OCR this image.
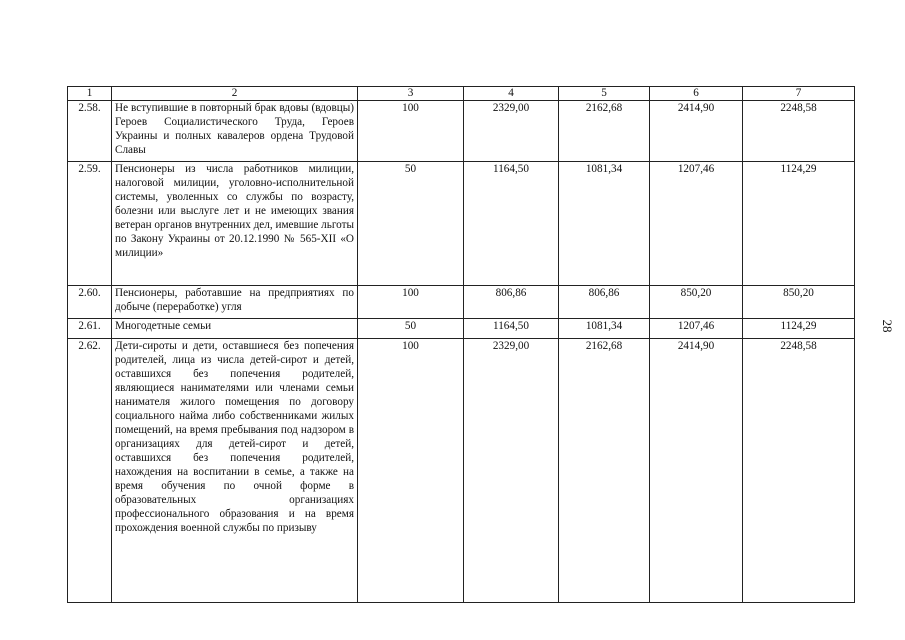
1	2	3	4	5	6	7
2.58.	Не вступившие в повторный брак вдовы (вдовцы) Героев Социалистического Труда, Героев Украины и полных кавалеров ордена Трудовой Славы	100	2329,00	2162,68	2414,90	2248,58
2.59.	Пенсионеры из числа работников милиции, налоговой милиции, уголовно-исполнительной системы, уволенных со службы по возрасту, болезни или выслуге лет и не имеющих звания ветеран органов внутренних дел, имевшие льготы по Закону Украины от 20.12.1990 № 565-XII «О милиции»	50	1164,50	1081,34	1207,46	1124,29
2.60.	Пенсионеры, работавшие на предприятиях по добыче (переработке) угля	100	806,86	806,86	850,20	850,20
2.61.	Многодетные семьи	50	1164,50	1081,34	1207,46	1124,29
2.62.	Дети-сироты и дети, оставшиеся без попечения родителей, лица из числа детей-сирот и детей, оставшихся без попечения родителей, являющиеся нанимателями или членами семьи нанимателя жилого помещения по договору социального найма либо собственниками жилых помещений, на время пребывания под надзором в организациях для детей-сирот и детей, оставшихся без попечения родителей, нахождения на воспитании в семье, а также на время обучения по очной форме в образовательных организациях профессионального образования и на время прохождения военной службы по призыву	100	2329,00	2162,68	2414,90	2248,58
28
